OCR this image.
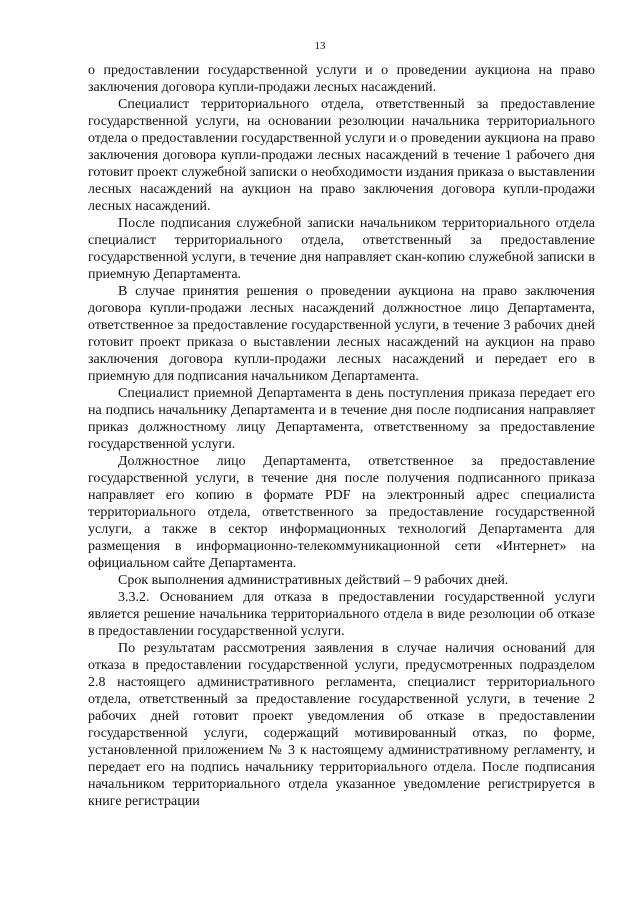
13

о предоставлении государственной услуги и о проведении аукциона на право заключения договора купли-продажи лесных насаждений.

Специалист территориального отдела, ответственный за предоставление государственной услуги, на основании резолюции начальника территориального отдела о предоставлении государственной услуги и о проведении аукциона на право заключения договора купли-продажи лесных насаждений в течение 1 рабочего дня готовит проект служебной записки о необходимости издания приказа о выставлении лесных насаждений на аукцион на право заключения договора купли-продажи лесных насаждений.

После подписания служебной записки начальником территориального отдела специалист территориального отдела, ответственный за предоставление государственной услуги, в течение дня направляет скан-копию служебной записки в приемную Департамента.

В случае принятия решения о проведении аукциона на право заключения договора купли-продажи лесных насаждений должностное лицо Департамента, ответственное за предоставление государственной услуги, в течение 3 рабочих дней готовит проект приказа о выставлении лесных насаждений на аукцион на право заключения договора купли-продажи лесных насаждений и передает его в приемную для подписания начальником Департамента.

Специалист приемной Департамента в день поступления приказа передает его на подпись начальнику Департамента и в течение дня после подписания направляет приказ должностному лицу Департамента, ответственному за предоставление государственной услуги.

Должностное лицо Департамента, ответственное за предоставление государственной услуги, в течение дня после получения подписанного приказа направляет его копию в формате PDF на электронный адрес специалиста территориального отдела, ответственного за предоставление государственной услуги, а также в сектор информационных технологий Департамента для размещения в информационно-телекоммуникационной сети «Интернет» на официальном сайте Департамента.

Срок выполнения административных действий – 9 рабочих дней.

3.3.2. Основанием для отказа в предоставлении государственной услуги является решение начальника территориального отдела в виде резолюции об отказе в предоставлении государственной услуги.

По результатам рассмотрения заявления в случае наличия оснований для отказа в предоставлении государственной услуги, предусмотренных подразделом 2.8 настоящего административного регламента, специалист территориального отдела, ответственный за предоставление государственной услуги, в течение 2 рабочих дней готовит проект уведомления об отказе в предоставлении государственной услуги, содержащий мотивированный отказ, по форме, установленной приложением № 3 к настоящему административному регламенту, и передает его на подпись начальнику территориального отдела. После подписания начальником территориального отдела указанное уведомление регистрируется в книге регистрации
